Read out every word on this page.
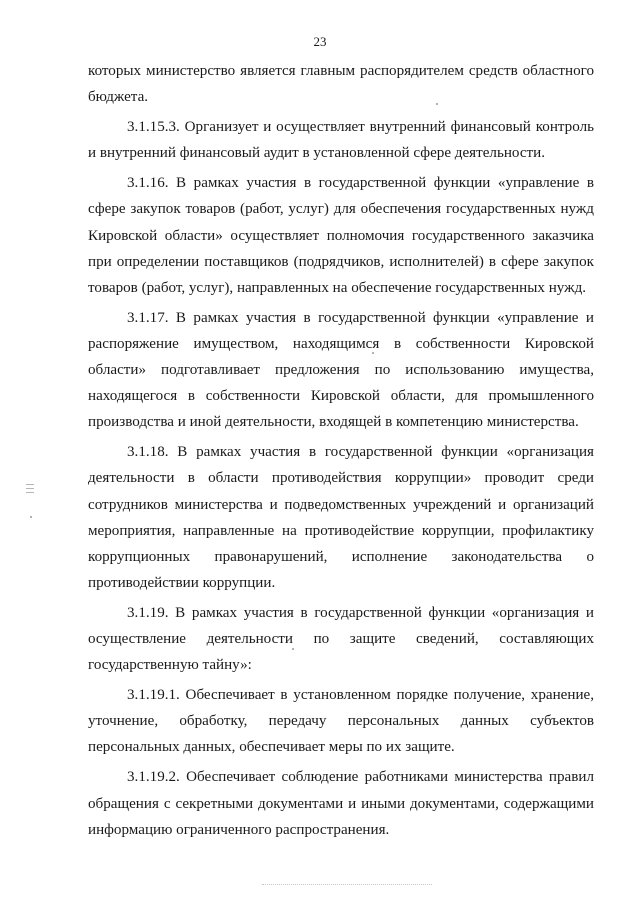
23

которых министерство является главным распорядителем средств областного бюджета.

3.1.15.3. Организует и осуществляет внутренний финансовый контроль и внутренний финансовый аудит в установленной сфере деятельности.

3.1.16. В рамках участия в государственной функции «управление в сфере закупок товаров (работ, услуг) для обеспечения государственных нужд Кировской области» осуществляет полномочия государственного заказчика при определении поставщиков (подрядчиков, исполнителей) в сфере закупок товаров (работ, услуг), направленных на обеспечение государственных нужд.

3.1.17. В рамках участия в государственной функции «управление и распоряжение имуществом, находящимся в собственности Кировской области» подготавливает предложения по использованию имущества, находящегося в собственности Кировской области, для промышленного производства и иной деятельности, входящей в компетенцию министерства.

3.1.18. В рамках участия в государственной функции «организация деятельности в области противодействия коррупции» проводит среди сотрудников министерства и подведомственных учреждений и организаций мероприятия, направленные на противодействие коррупции, профилактику коррупционных правонарушений, исполнение законодательства о противодействии коррупции.

3.1.19. В рамках участия в государственной функции «организация и осуществление деятельности по защите сведений, составляющих государственную тайну»:

3.1.19.1. Обеспечивает в установленном порядке получение, хранение, уточнение, обработку, передачу персональных данных субъектов персональных данных, обеспечивает меры по их защите.

3.1.19.2. Обеспечивает соблюдение работниками министерства правил обращения с секретными документами и иными документами, содержащими информацию ограниченного распространения.
